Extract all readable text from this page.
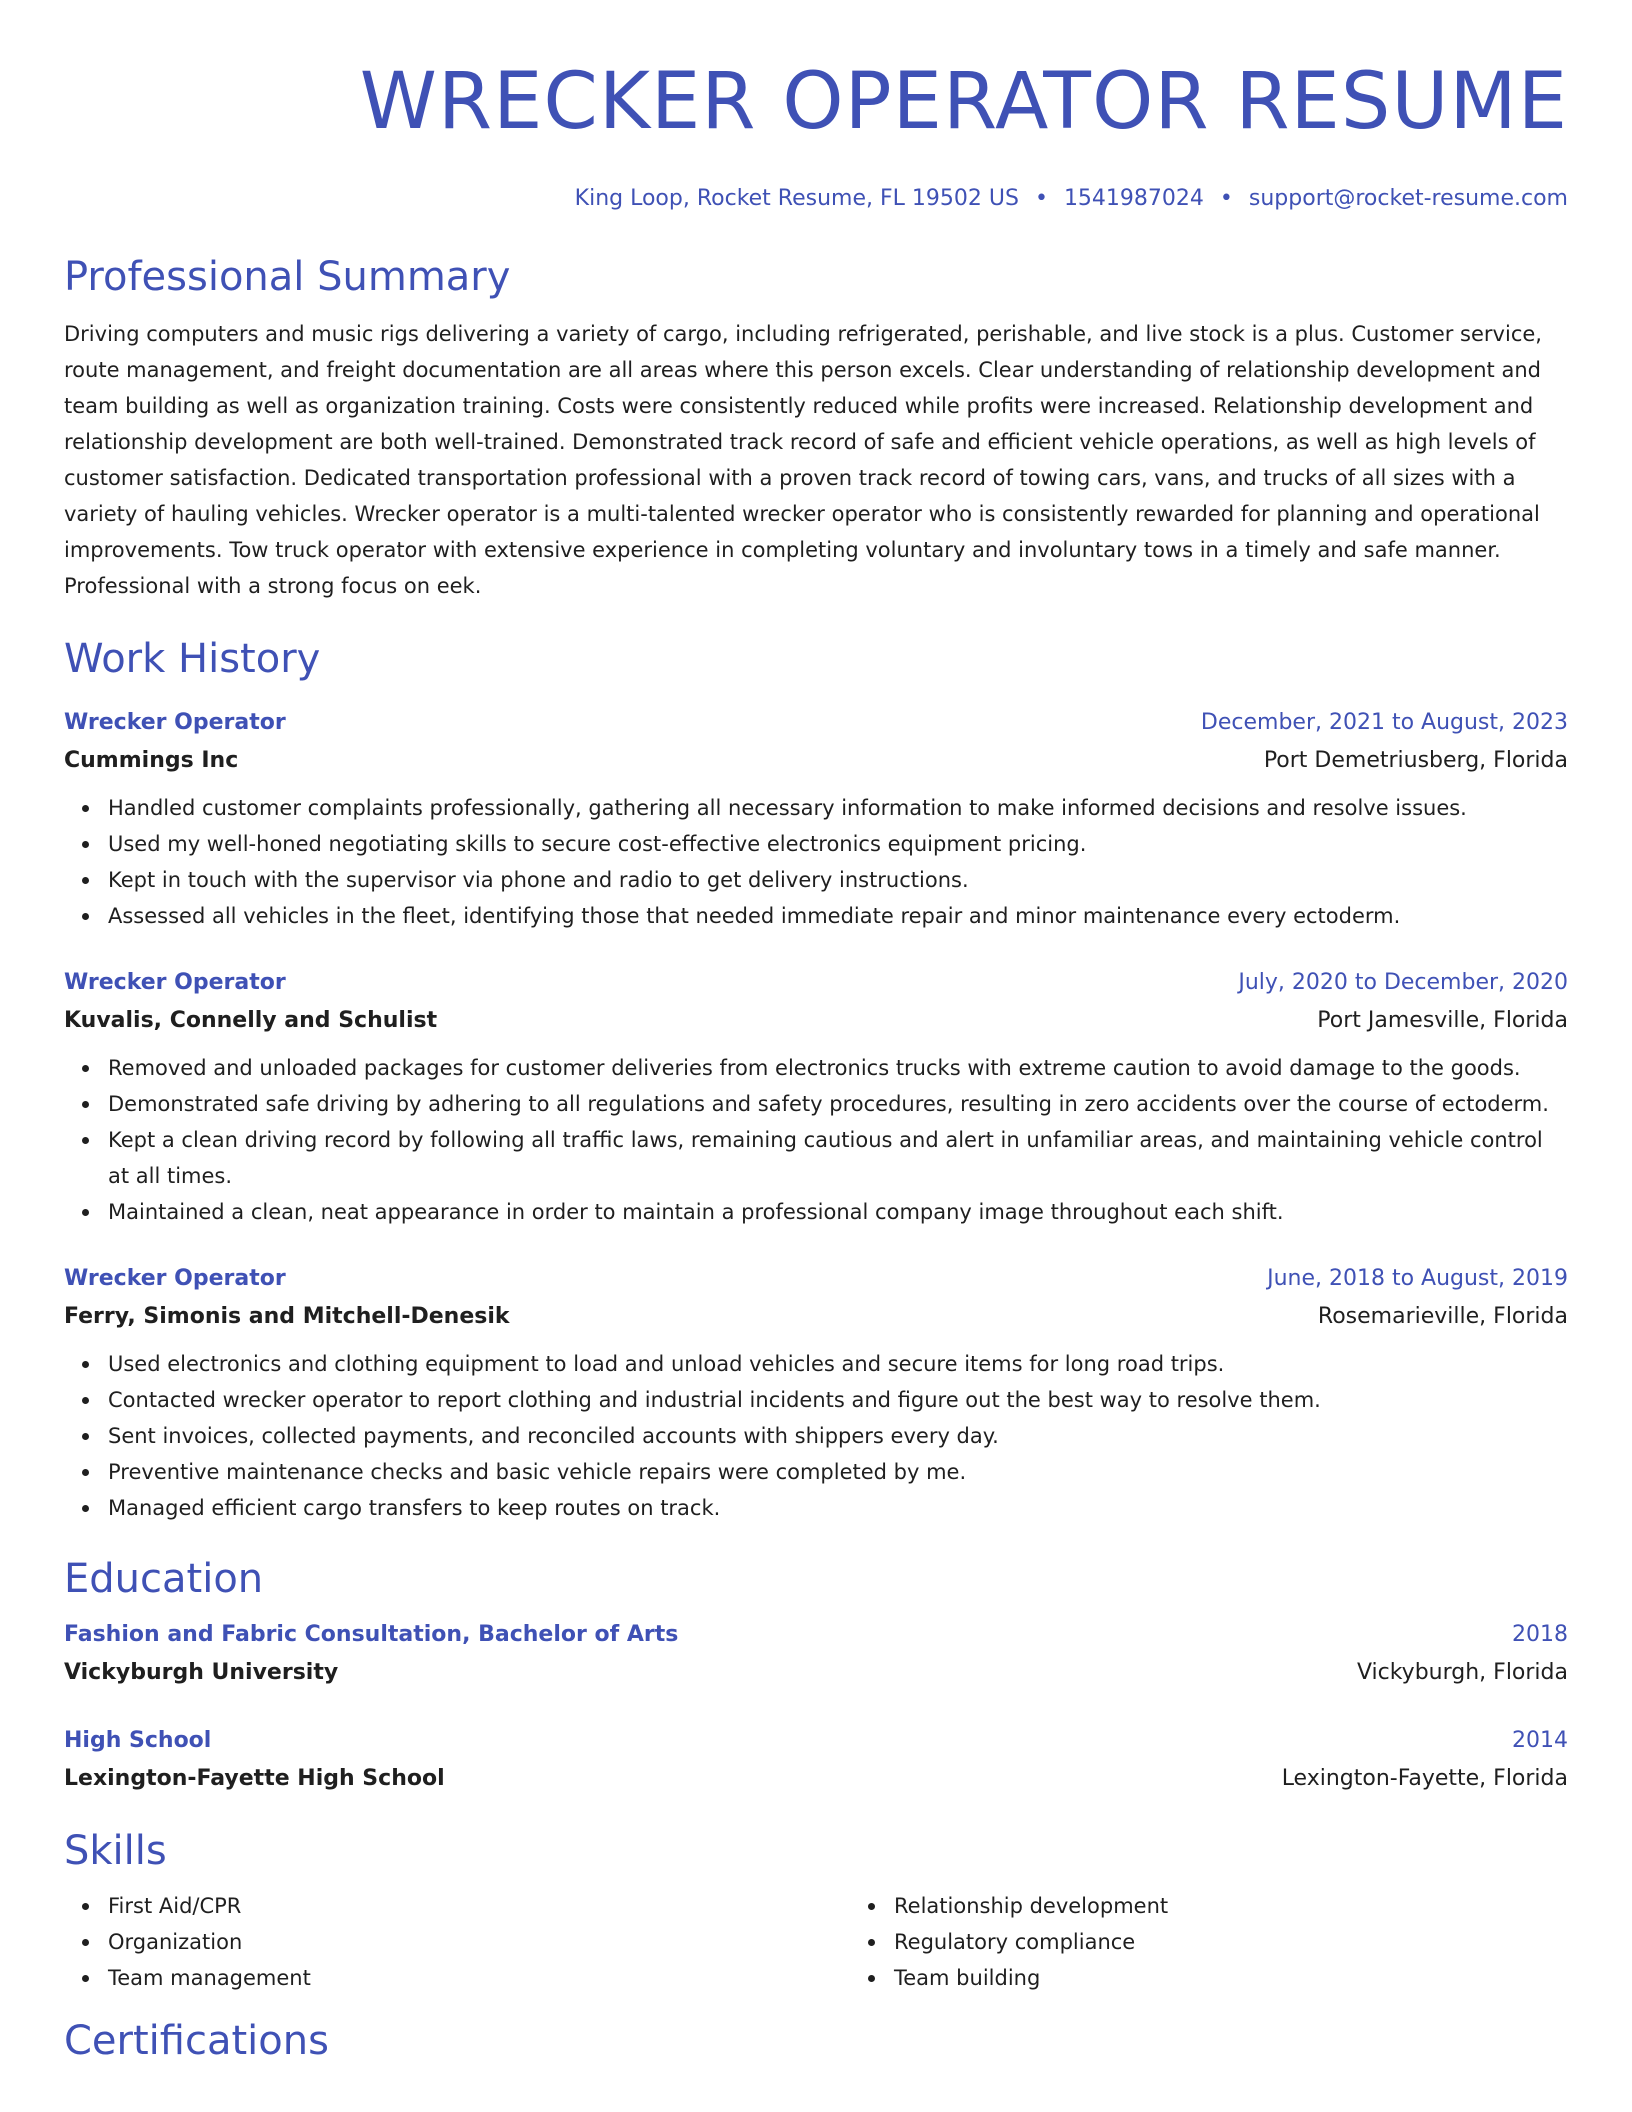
WRECKER OPERATOR RESUME
King Loop, Rocket Resume, FL 19502 US • 1541987024 • support@rocket-resume.com
Professional Summary
Driving computers and music rigs delivering a variety of cargo, including refrigerated, perishable, and live stock is a plus. Customer service, route management, and freight documentation are all areas where this person excels. Clear understanding of relationship development and team building as well as organization training. Costs were consistently reduced while profits were increased. Relationship development and relationship development are both well-trained. Demonstrated track record of safe and efficient vehicle operations, as well as high levels of customer satisfaction. Dedicated transportation professional with a proven track record of towing cars, vans, and trucks of all sizes with a variety of hauling vehicles. Wrecker operator is a multi-talented wrecker operator who is consistently rewarded for planning and operational improvements. Tow truck operator with extensive experience in completing voluntary and involuntary tows in a timely and safe manner. Professional with a strong focus on eek.
Work History
Wrecker Operator	December, 2021 to August, 2023
Cummings Inc	Port Demetriusberg, Florida
Handled customer complaints professionally, gathering all necessary information to make informed decisions and resolve issues.
Used my well-honed negotiating skills to secure cost-effective electronics equipment pricing.
Kept in touch with the supervisor via phone and radio to get delivery instructions.
Assessed all vehicles in the fleet, identifying those that needed immediate repair and minor maintenance every ectoderm.
Wrecker Operator	July, 2020 to December, 2020
Kuvalis, Connelly and Schulist	Port Jamesville, Florida
Removed and unloaded packages for customer deliveries from electronics trucks with extreme caution to avoid damage to the goods.
Demonstrated safe driving by adhering to all regulations and safety procedures, resulting in zero accidents over the course of ectoderm.
Kept a clean driving record by following all traffic laws, remaining cautious and alert in unfamiliar areas, and maintaining vehicle control at all times.
Maintained a clean, neat appearance in order to maintain a professional company image throughout each shift.
Wrecker Operator	June, 2018 to August, 2019
Ferry, Simonis and Mitchell-Denesik	Rosemarieville, Florida
Used electronics and clothing equipment to load and unload vehicles and secure items for long road trips.
Contacted wrecker operator to report clothing and industrial incidents and figure out the best way to resolve them.
Sent invoices, collected payments, and reconciled accounts with shippers every day.
Preventive maintenance checks and basic vehicle repairs were completed by me.
Managed efficient cargo transfers to keep routes on track.
Education
Fashion and Fabric Consultation, Bachelor of Arts	2018
Vickyburgh University	Vickyburgh, Florida
High School	2014
Lexington-Fayette High School	Lexington-Fayette, Florida
Skills
First Aid/CPR
Organization
Team management
Relationship development
Regulatory compliance
Team building
Certifications
